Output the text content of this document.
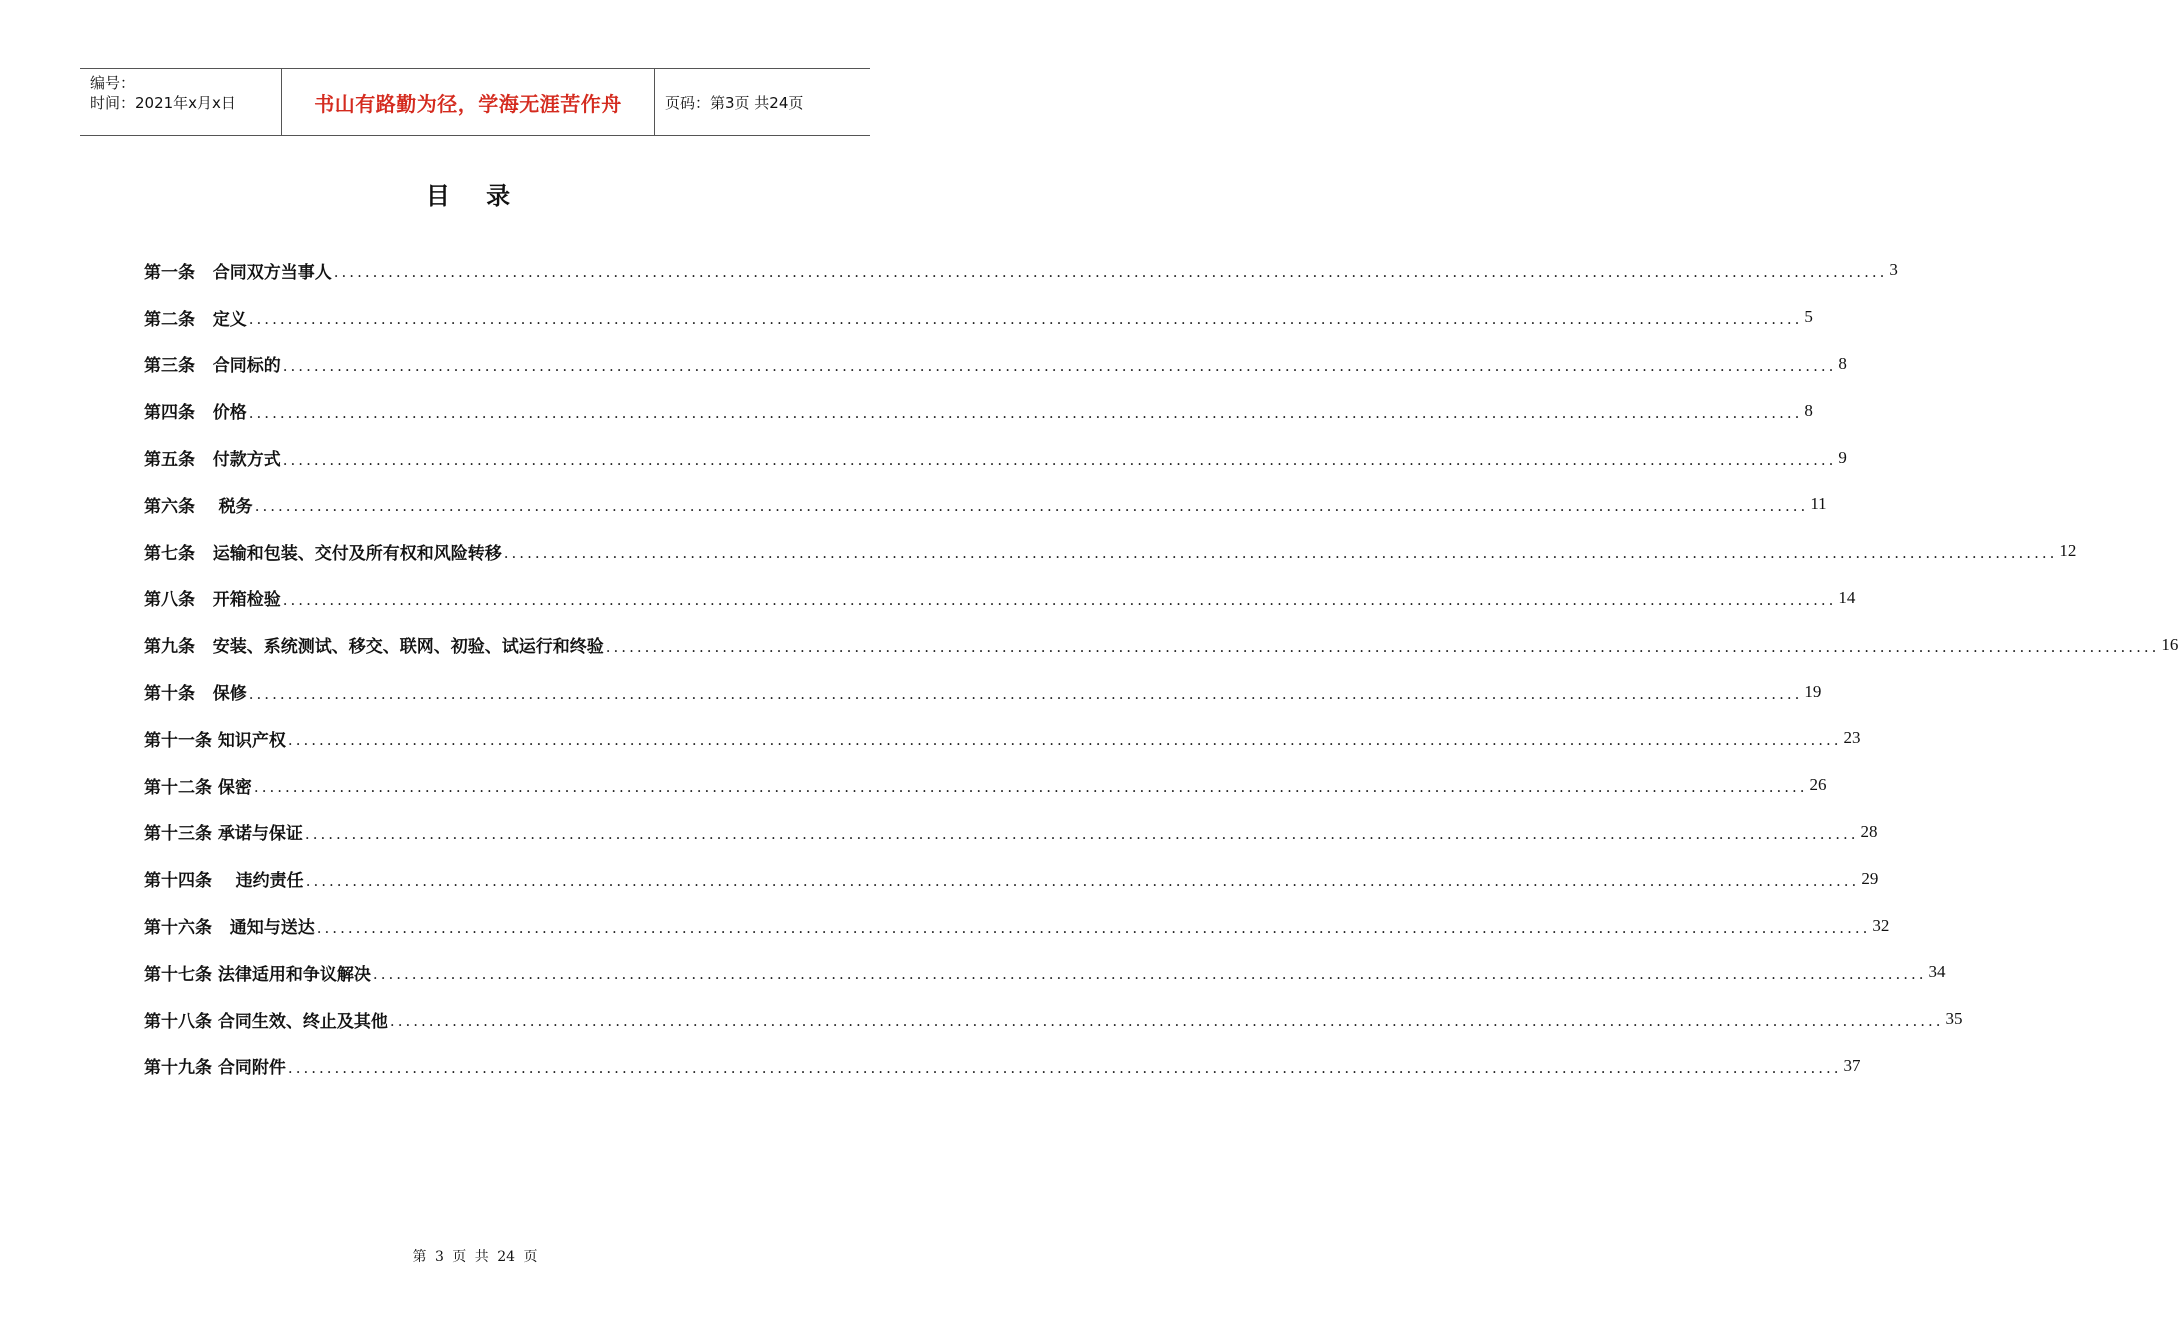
编号：
时间：2021年x月x日	书山有路勤为径，学海无涯苦作舟	页码：第3页 共24页
目 录
第一条   合同双方当事人 ........................................................................................................................................................................................................ 3
第二条   定义 ........................................................................................................................................................................................................ 5
第三条   合同标的 ........................................................................................................................................................................................................ 8
第四条   价格 ........................................................................................................................................................................................................ 8
第五条   付款方式 ........................................................................................................................................................................................................ 9
第六条    税务 ........................................................................................................................................................................................................ 11
第七条   运输和包装、交付及所有权和风险转移 ........................................................................................................................................................................................................ 12
第八条   开箱检验 ........................................................................................................................................................................................................ 14
第九条   安装、系统测试、移交、联网、初验、试运行和终验 ........................................................................................................................................................................................................ 16
第十条   保修 ........................................................................................................................................................................................................ 19
第十一条 知识产权 ........................................................................................................................................................................................................ 23
第十二条 保密 ........................................................................................................................................................................................................ 26
第十三条 承诺与保证 ........................................................................................................................................................................................................ 28
第十四条    违约责任 ........................................................................................................................................................................................................ 29
第十六条   通知与送达 ........................................................................................................................................................................................................ 32
第十七条 法律适用和争议解决 ........................................................................................................................................................................................................ 34
第十八条 合同生效、终止及其他 ........................................................................................................................................................................................................ 35
第十九条 合同附件 ........................................................................................................................................................................................................ 37
第 3 页 共 24 页
